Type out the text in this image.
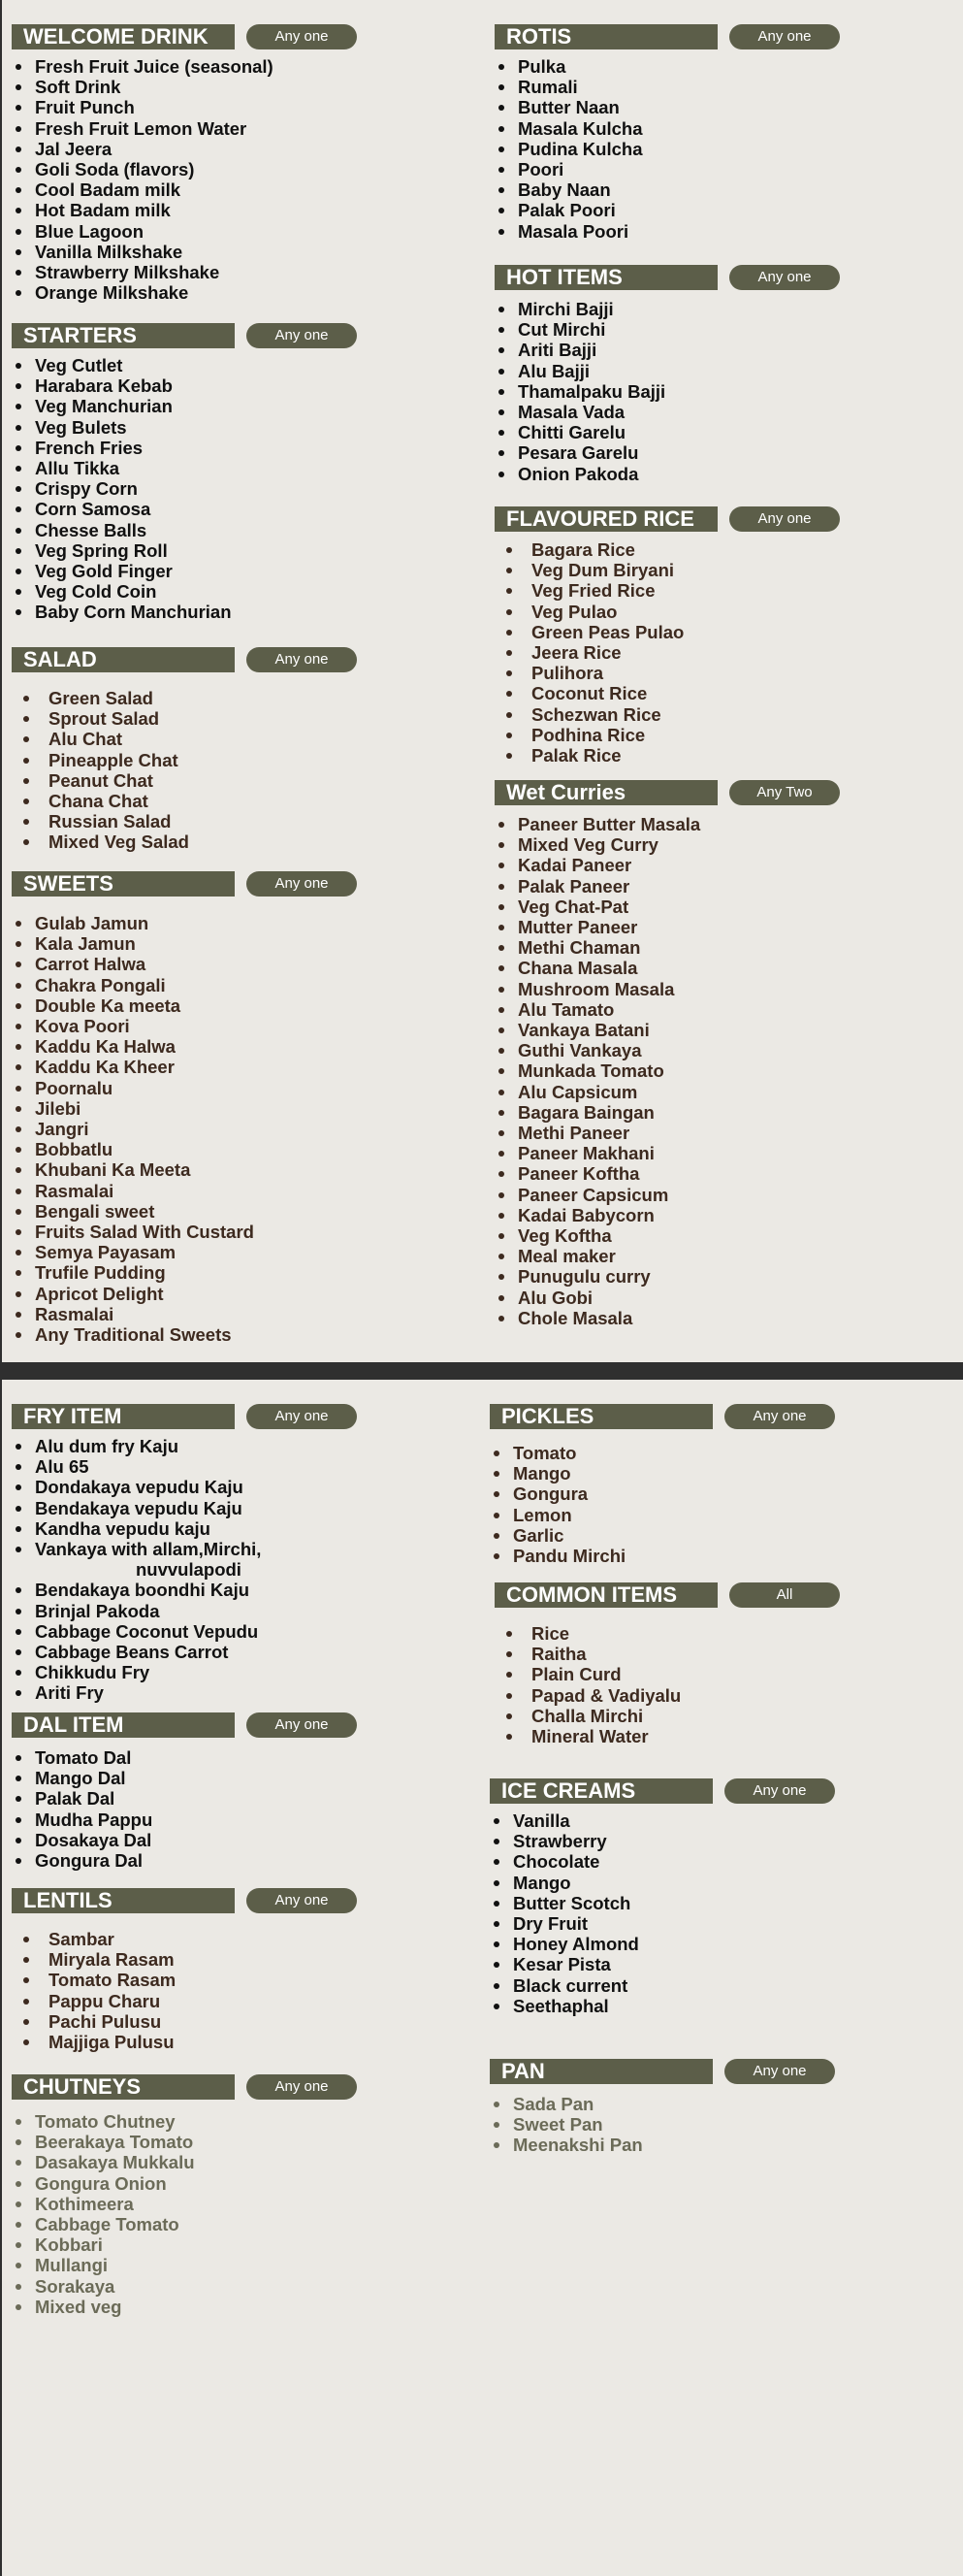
WELCOME DRINK	Any one
Fresh Fruit Juice (seasonal)
Soft Drink
Fruit Punch
Fresh Fruit Lemon Water
Jal Jeera
Goli Soda (flavors)
Cool Badam milk
Hot Badam milk
Blue Lagoon
Vanilla Milkshake
Strawberry Milkshake
Orange Milkshake
STARTERS	Any one
Veg Cutlet
Harabara Kebab
Veg Manchurian
Veg Bulets
French Fries
Allu Tikka
Crispy Corn
Corn Samosa
Chesse Balls
Veg Spring Roll
Veg Gold Finger
Veg Cold Coin
Baby Corn Manchurian
SALAD	Any one
Green Salad
Sprout Salad
Alu Chat
Pineapple Chat
Peanut Chat
Chana Chat
Russian Salad
Mixed Veg Salad
SWEETS	Any one
Gulab Jamun
Kala Jamun
Carrot Halwa
Chakra Pongali
Double Ka meeta
Kova Poori
Kaddu Ka Halwa
Kaddu Ka Kheer
Poornalu
Jilebi
Jangri
Bobbatlu
Khubani Ka Meeta
Rasmalai
Bengali sweet
Fruits Salad With Custard
Semya Payasam
Trufile Pudding
Apricot Delight
Rasmalai
Any Traditional Sweets
ROTIS	Any one
Pulka
Rumali
Butter Naan
Masala Kulcha
Pudina Kulcha
Poori
Baby Naan
Palak Poori
Masala Poori
HOT ITEMS	Any one
Mirchi Bajji
Cut Mirchi
Ariti Bajji
Alu Bajji
Thamalpaku Bajji
Masala Vada
Chitti Garelu
Pesara Garelu
Onion Pakoda
FLAVOURED RICE	Any one
Bagara Rice
Veg Dum Biryani
Veg Fried Rice
Veg Pulao
Green Peas Pulao
Jeera Rice
Pulihora
Coconut Rice
Schezwan Rice
Podhina Rice
Palak Rice
Wet Curries	Any Two
Paneer Butter Masala
Mixed Veg Curry
Kadai Paneer
Palak Paneer
Veg Chat-Pat
Mutter Paneer
Methi Chaman
Chana Masala
Mushroom Masala
Alu Tamato
Vankaya Batani
Guthi Vankaya
Munkada Tomato
Alu Capsicum
Bagara Baingan
Methi Paneer
Paneer Makhani
Paneer Koftha
Paneer Capsicum
Kadai Babycorn
Veg Koftha
Meal maker
Punugulu curry
Alu Gobi
Chole Masala
FRY ITEM	Any one
Alu dum fry Kaju
Alu 65
Dondakaya vepudu Kaju
Bendakaya vepudu Kaju
Kandha vepudu kaju
Vankaya with allam,Mirchi,
nuvvulapodi
Bendakaya boondhi Kaju
Brinjal Pakoda
Cabbage Coconut Vepudu
Cabbage Beans Carrot
Chikkudu Fry
Ariti Fry
DAL ITEM	Any one
Tomato Dal
Mango Dal
Palak Dal
Mudha Pappu
Dosakaya Dal
Gongura Dal
LENTILS	Any one
Sambar
Miryala Rasam
Tomato Rasam
Pappu Charu
Pachi Pulusu
Majjiga Pulusu
CHUTNEYS	Any one
Tomato Chutney
Beerakaya Tomato
Dasakaya Mukkalu
Gongura Onion
Kothimeera
Cabbage Tomato
Kobbari
Mullangi
Sorakaya
Mixed veg
PICKLES	Any one
Tomato
Mango
Gongura
Lemon
Garlic
Pandu Mirchi
COMMON ITEMS	All
Rice
Raitha
Plain Curd
Papad & Vadiyalu
Challa Mirchi
Mineral Water
ICE CREAMS	Any one
Vanilla
Strawberry
Chocolate
Mango
Butter Scotch
Dry Fruit
Honey Almond
Kesar Pista
Black current
Seethaphal
PAN	Any one
Sada Pan
Sweet Pan
Meenakshi Pan
